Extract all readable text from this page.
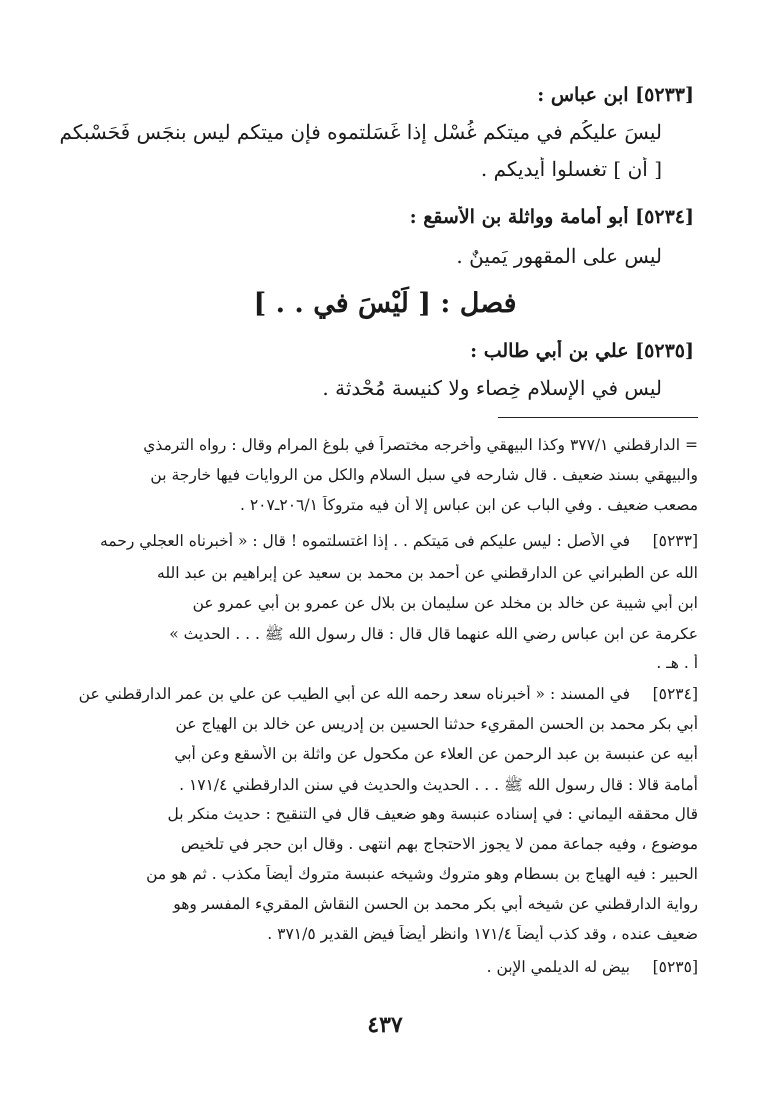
[٥٢٣٣] ابن عباس :
ليسَ عليكُم في ميتكم غُسْل إذا غَسَلتموه فإن ميتكم ليس بنجَس فَحَسْبكم
[ أن ] تغسلوا أيديكم .
[٥٢٣٤] أبو أمامة وواثلة بن الأسقع :
ليس على المقهور يَمينٌ .
فصل : [ لَيْسَ في . . ]
[٥٢٣٥] علي بن أبي طالب :
ليس في الإسلام خِصاء ولا كنيسة مُحْدثة .
= الدارقطني ٣٧٧/١ وكذا البيهقي وأخرجه مختصراً في بلوغ المرام وقال : رواه الترمذي
والبيهقي بسند ضعيف . قال شارحه في سبل السلام والكل من الروايات فيها خارجة بن
مصعب ضعيف . وفي الباب عن ابن عباس إلا أن فيه متروكاً ٢٠٦/١ـ٢٠٧ .
[٥٢٣٣]
في الأصل : ليس عليكم فى مَيتكم . . إذا اغتسلتموه ! قال : « أخبرناه العجلي رحمه
الله عن الطبراني عن الدارقطني عن أحمد بن محمد بن سعيد عن إبراهيم بن عبد الله
ابن أبي شيبة عن خالد بن مخلد عن سليمان بن بلال عن عمرو بن أبي عمرو عن
عكرمة عن ابن عباس رضي الله عنهما قال قال : قال رسول الله ﷺ . . . الحديث »
أ . هـ .
[٥٢٣٤]
في المسند : « أخبرناه سعد رحمه الله عن أبي الطيب عن علي بن عمر الدارقطني عن
أبي بكر محمد بن الحسن المقريء حدثنا الحسين بن إدريس عن خالد بن الهياج عن
أبيه عن عنبسة بن عبد الرحمن عن العلاء عن مكحول عن واثلة بن الأسقع وعن أبي
أمامة قالا : قال رسول الله ﷺ . . . الحديث والحديث في سنن الدارقطني ١٧١/٤ .
قال محققه اليماني : في إسناده عنبسة وهو ضعيف قال في التنقيح : حديث منكر بل
موضوع ، وفيه جماعة ممن لا يجوز الاحتجاج بهم انتهى . وقال ابن حجر في تلخيص
الحبير : فيه الهياج بن بسطام وهو متروك وشيخه عنبسة متروك أيضاً مكذب . ثم هو من
رواية الدارقطني عن شيخه أبي بكر محمد بن الحسن النقاش المقريء المفسر وهو
ضعيف عنده ، وقد كذب أيضاً ١٧١/٤ وانظر أيضاً فيض القدير ٣٧١/٥ .
[٥٢٣٥]
بيض له الديلمي الإبن .
٤٣٧
